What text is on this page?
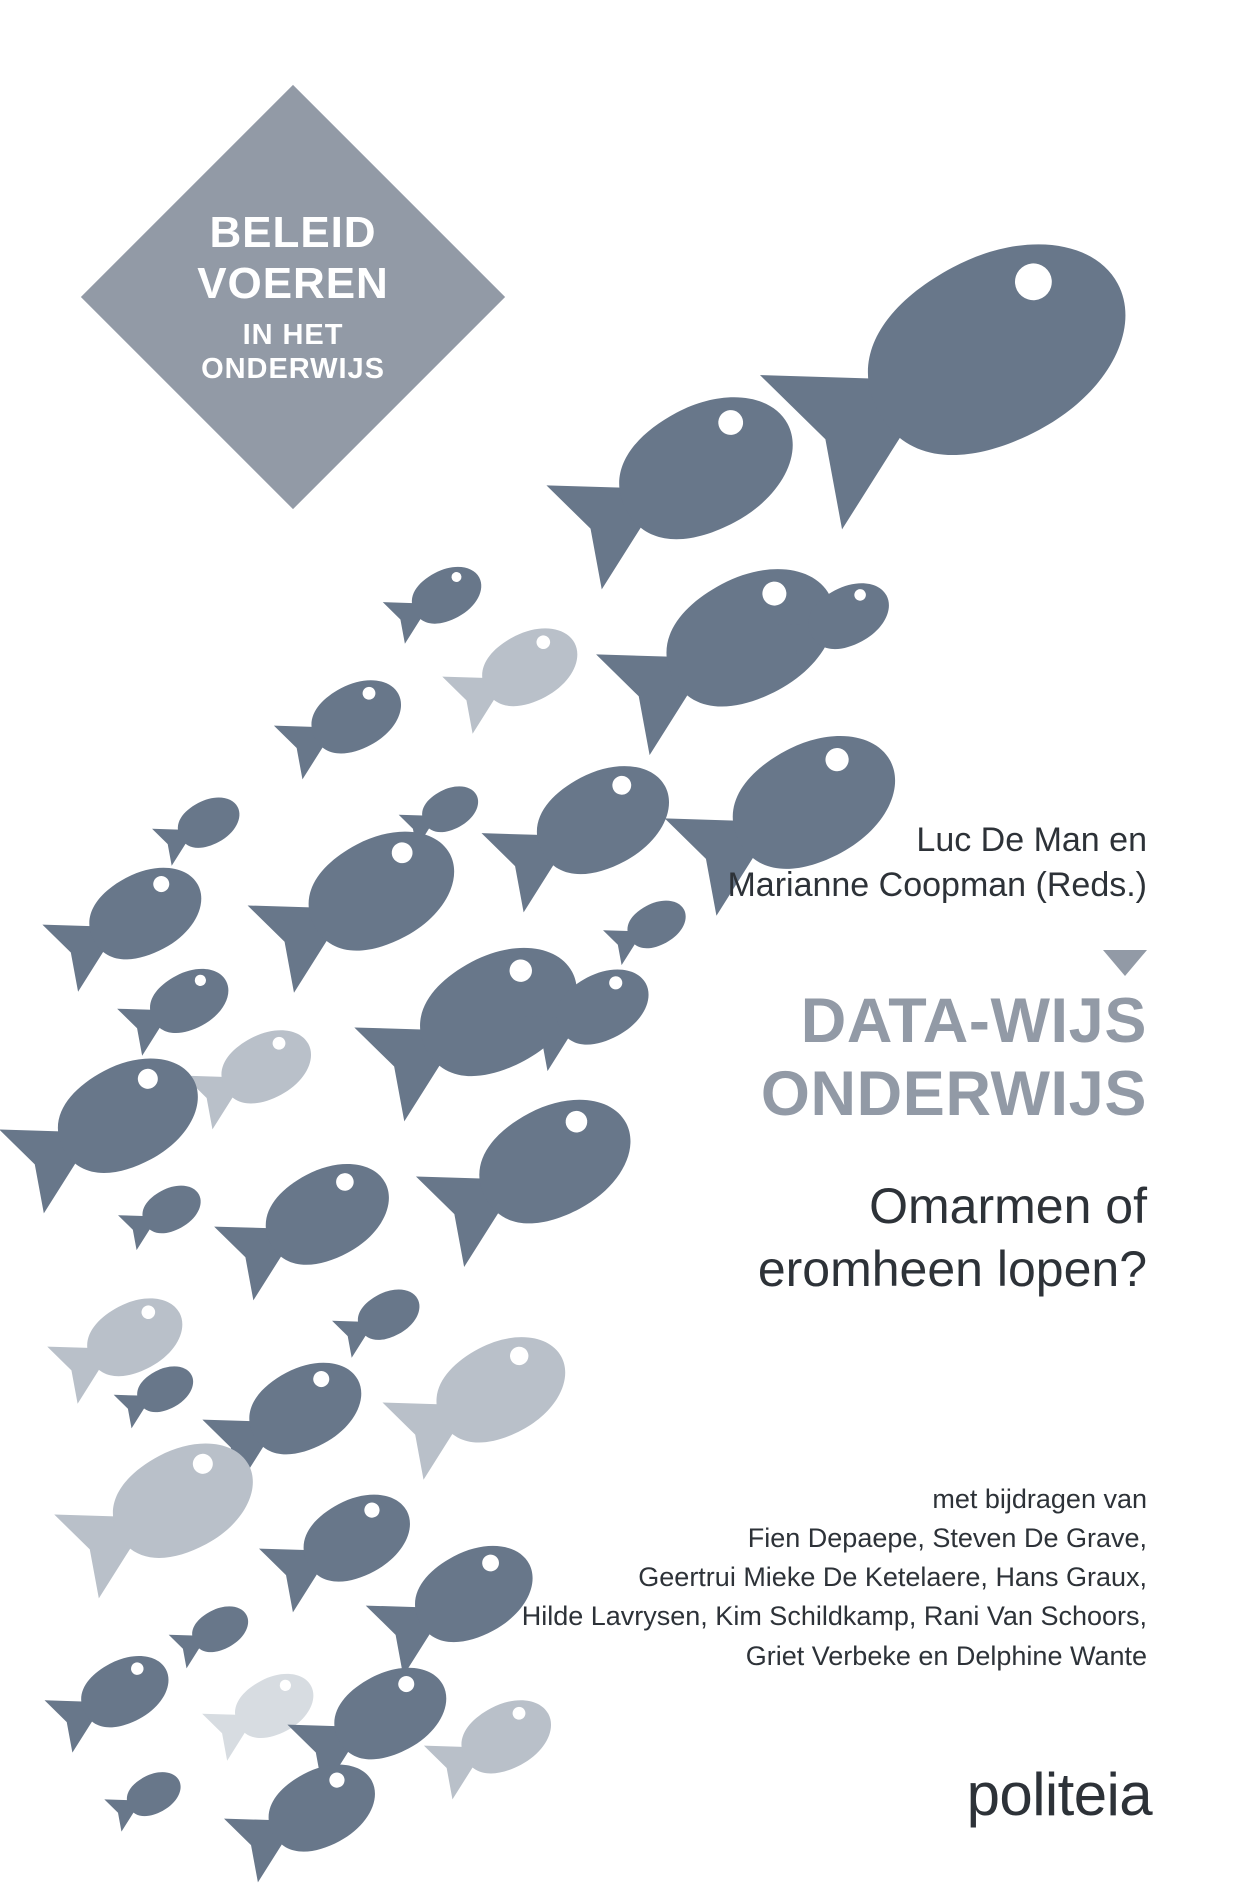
BELEID
VOEREN
IN HET
ONDERWIJS
Luc De Man en
Marianne Coopman (Reds.)
DATA-WIJS
ONDERWIJS
Omarmen of
eromheen lopen?
met bijdragen van
Fien Depaepe, Steven De Grave,
Geertrui Mieke De Ketelaere, Hans Graux,
Hilde Lavrysen, Kim Schildkamp, Rani Van Schoors,
Griet Verbeke en Delphine Wante
politeia
